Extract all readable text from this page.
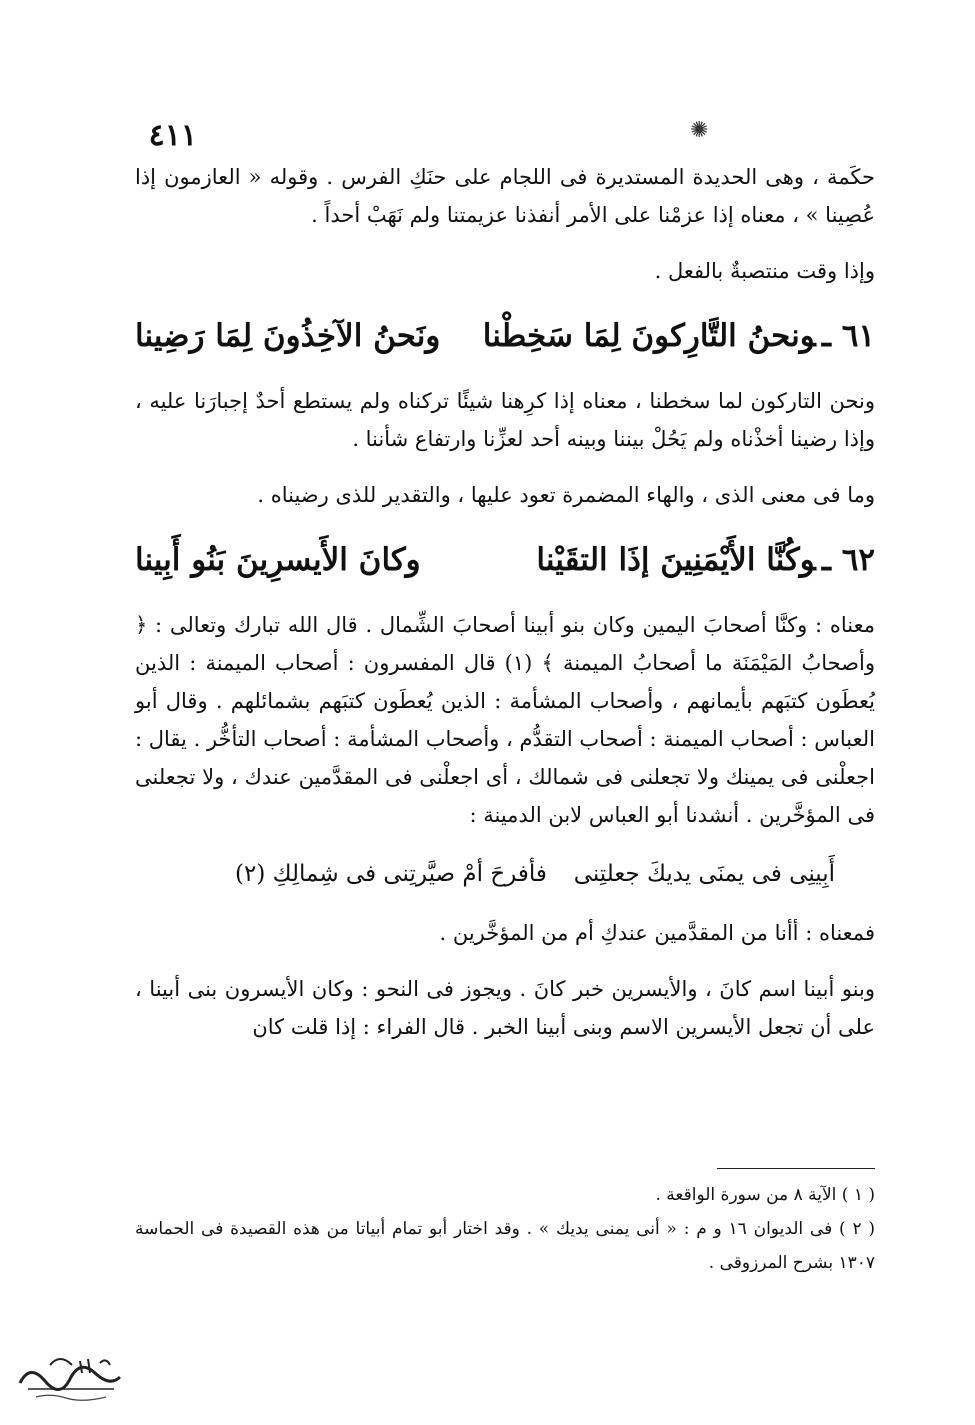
٤١١	✺

حكَمة ، وهى الحديدة المستديرة فى اللجام على حنَكِ الفرس . وقوله « العازمون إذا عُصِينا » ، معناه إذا عزمْنا على الأمر أنفذنا عزيمتنا ولم نَهَبْ أحداً .

وإذا وقت منتصبةٌ بالفعل .

٦١ ـونحنُ التَّارِكونَ لِمَا سَخِطْنا
ونَحنُ الآخِذُونَ لِمَا رَضِينا

ونحن التاركون لما سخطنا ، معناه إذا كرِهنا شيئًا تركناه ولم يستطع أحدٌ إجبارَنا عليه ، وإذا رضينا أخذْناه ولم يَحُلْ بيننا وبينه أحد لعزِّنا وارتفاع شأننا .

وما فى معنى الذى ، والهاء المضمرة تعود عليها ، والتقدير للذى رضيناه .

٦٢ ـوكُنَّا الأَيْمَنِينَ إذَا التقَيْنا
وكانَ الأَيسرِينَ بَنُو أَبِينا

معناه : وكنَّا أصحابَ اليمين وكان بنو أبينا أصحابَ الشِّمال . قال الله تبارك وتعالى : ﴿ وأصحابُ المَيْمَنَة ما أصحابُ الميمنة ﴾ (١) قال المفسرون : أصحاب الميمنة : الذين يُعطَون كتبَهم بأيمانهم ، وأصحاب المشأمة : الذين يُعطَون كتبَهم بشمائلهم . وقال أبو العباس : أصحاب الميمنة : أصحاب التقدُّم ، وأصحاب المشأمة : أصحاب التأخُّر . يقال : اجعلْنى فى يمينك ولا تجعلنى فى شمالك ، أى اجعلْنى فى المقدَّمين عندك ، ولا تجعلنى فى المؤخَّرين . أنشدنا أبو العباس لابن الدمينة :

أَبِينِى فى يمنَى يديكَ جعلتِنى
فأفرحَ أمْ صيَّرتِنى فى شِمالِكِ (٢)

فمعناه : أأنا من المقدَّمين عندكِ أم من المؤخَّرين .

وبنو أبينا اسم كانَ ، والأيسرين خبر كانَ . ويجوز فى النحو : وكان الأيسرون بنى أبينا ، على أن تجعل الأيسرين الاسم وبنى أبينا الخبر . قال الفراء : إذا قلت كان

( ١ ) الآية ٨ من سورة الواقعة .

( ٢ ) فى الديوان ١٦ و م : « أنى يمنى يديك » . وقد اختار أبو تمام أبياتا من هذه القصيدة فى الحماسة ١٣٠٧ بشرح المرزوقى .
